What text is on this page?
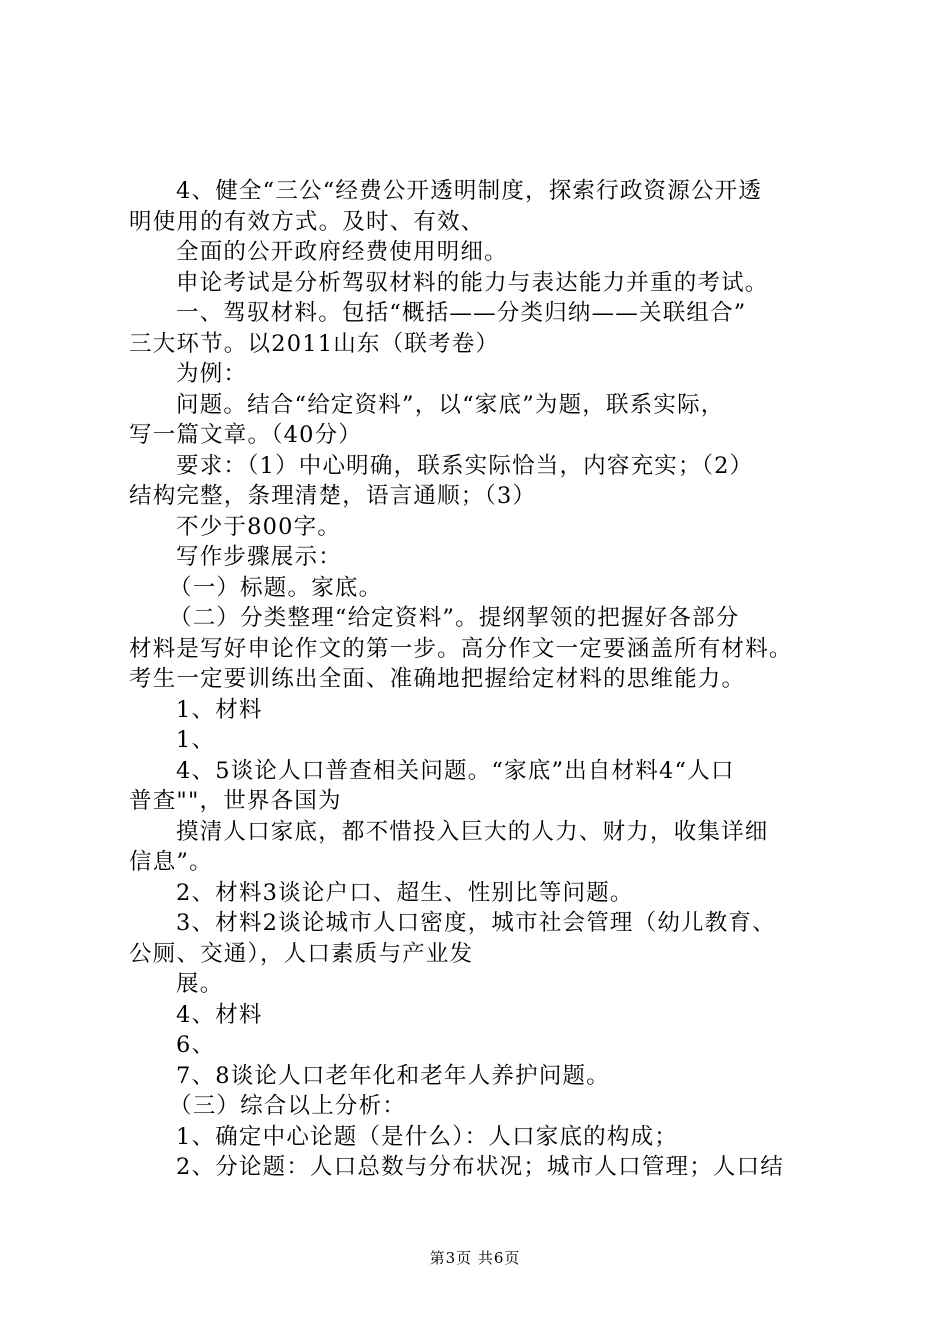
4、健全“三公“经费公开透明制度，探索行政资源公开透
明使用的有效方式。及时、有效、
全面的公开政府经费使用明细。
申论考试是分析驾驭材料的能力与表达能力并重的考试。
一、驾驭材料。包括“概括——分类归纳——关联组合”
三大环节。以2011山东（联考卷）
为例：
问题。结合“给定资料”，以“家底”为题，联系实际，
写一篇文章。（40分）
要求：（1）中心明确，联系实际恰当，内容充实；（2）
结构完整，条理清楚，语言通顺；（3）
不少于800字。
写作步骤展示：
（一）标题。家底。
（二）分类整理“给定资料”。提纲挈领的把握好各部分
材料是写好申论作文的第一步。高分作文一定要涵盖所有材料。
考生一定要训练出全面、准确地把握给定材料的思维能力。
1、材料
1、
4、5谈论人口普查相关问题。“家底”出自材料4“人口
普查""，世界各国为
摸清人口家底，都不惜投入巨大的人力、财力，收集详细
信息”。
2、材料3谈论户口、超生、性别比等问题。
3、材料2谈论城市人口密度，城市社会管理（幼儿教育、
公厕、交通），人口素质与产业发
展。
4、材料
6、
7、8谈论人口老年化和老年人养护问题。
（三）综合以上分析：
1、确定中心论题（是什么）：人口家底的构成；
2、分论题：人口总数与分布状况；城市人口管理；人口结
第3页 共6页
